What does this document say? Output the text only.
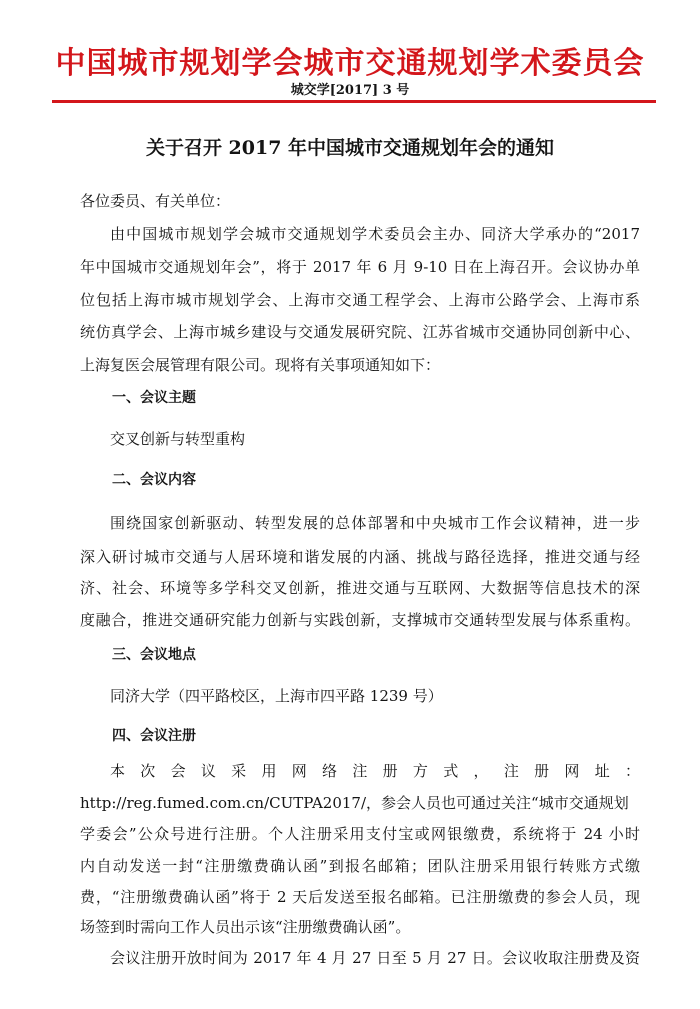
中国城市规划学会城市交通规划学术委员会
城交学[2017] 3 号
关于召开 2017 年中国城市交通规划年会的通知
各位委员、有关单位：
由中国城市规划学会城市交通规划学术委员会主办、同济大学承办的“2017
年中国城市交通规划年会”，将于 2017 年 6 月 9-10 日在上海召开。会议协办单
位包括上海市城市规划学会、上海市交通工程学会、上海市公路学会、上海市系
统仿真学会、上海市城乡建设与交通发展研究院、江苏省城市交通协同创新中心、
上海复医会展管理有限公司。现将有关事项通知如下：
一、会议主题
交叉创新与转型重构
二、会议内容
围绕国家创新驱动、转型发展的总体部署和中央城市工作会议精神，进一步
深入研讨城市交通与人居环境和谐发展的内涵、挑战与路径选择，推进交通与经
济、社会、环境等多学科交叉创新，推进交通与互联网、大数据等信息技术的深
度融合，推进交通研究能力创新与实践创新，支撑城市交通转型发展与体系重构。
三、会议地点
同济大学（四平路校区，上海市四平路 1239 号）
四、会议注册
本次会议采用网络注册方式，注册网址：
http://reg.fumed.com.cn/CUTPA2017/，参会人员也可通过关注“城市交通规划
学委会”公众号进行注册。个人注册采用支付宝或网银缴费，系统将于 24 小时
内自动发送一封“注册缴费确认函”到报名邮箱；团队注册采用银行转账方式缴
费，“注册缴费确认函”将于 2 天后发送至报名邮箱。已注册缴费的参会人员，现
场签到时需向工作人员出示该“注册缴费确认函”。
会议注册开放时间为 2017 年 4 月 27 日至 5 月 27 日。会议收取注册费及资
